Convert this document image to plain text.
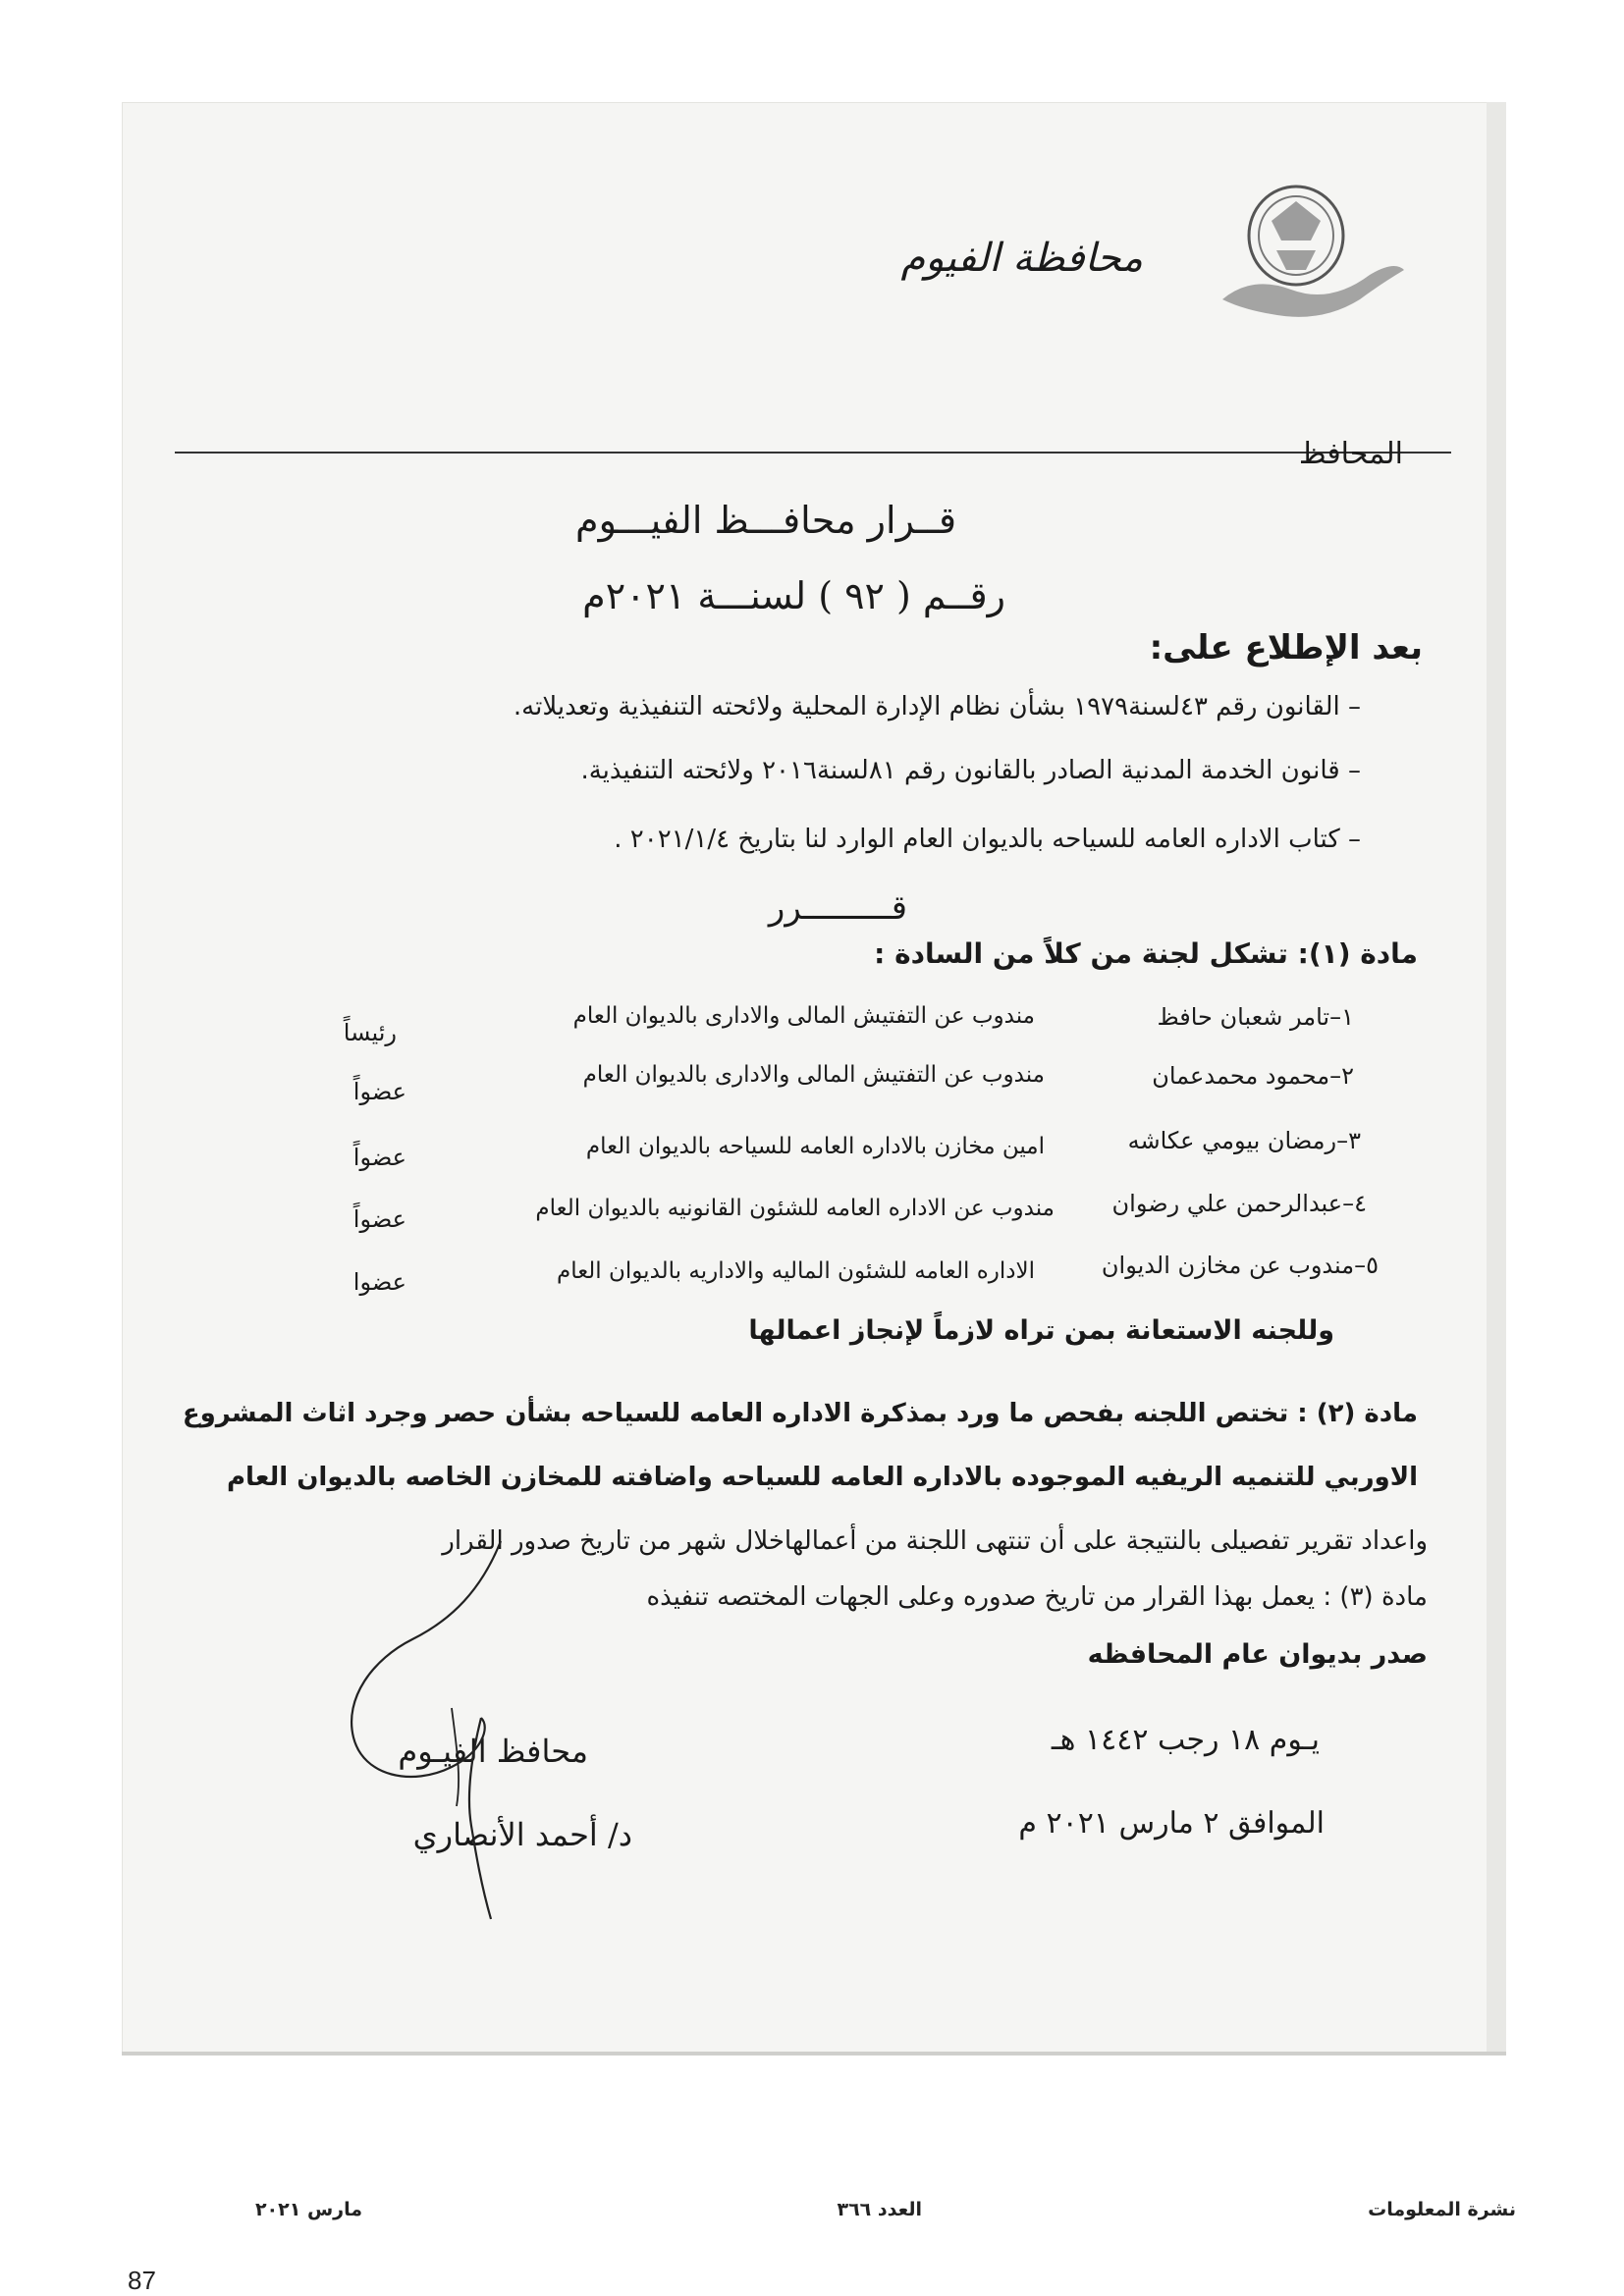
محافظة الفيوم
المحافظ
قــرار محافـــظ الفيـــوم
رقــم ( ٩٢ ) لسنـــة ٢٠٢١م
بعد الإطلاع على:
– القانون رقم ٤٣لسنة١٩٧٩ بشأن نظام الإدارة المحلية ولائحته التنفيذية وتعديلاته.
– قانون الخدمة المدنية الصادر بالقانون رقم ٨١لسنة٢٠١٦ ولائحته التنفيذية.
– كتاب الاداره العامه للسياحه بالديوان العام الوارد لنا بتاريخ ٢٠٢١/١/٤ .
قـــــــــرر
مادة (١): تشكل لجنة من كلاً من السادة :
١–تامر شعبان حافظ
مندوب عن التفتيش المالى والادارى بالديوان العام
رئيساً
٢–محمود محمدعمان
مندوب عن التفتيش المالى والادارى بالديوان العام
عضواً
٣–رمضان بيومي عكاشه
امين مخازن بالاداره العامه للسياحه بالديوان العام
عضواً
٤–عبدالرحمن علي رضوان
مندوب عن الاداره العامه للشئون القانونيه بالديوان العام
عضواً
٥–مندوب عن مخازن الديوان
الاداره العامه للشئون الماليه والاداريه بالديوان العام
عضوا
وللجنه الاستعانة بمن تراه لازماً لإنجاز اعمالها
مادة (٢) : تختص اللجنه بفحص ما ورد بمذكرة الاداره العامه للسياحه بشأن حصر وجرد اثاث المشروع
الاوربي للتنميه الريفيه الموجوده بالاداره العامه للسياحه واضافته للمخازن الخاصه بالديوان العام
واعداد تقرير تفصيلى بالنتيجة على أن تنتهى اللجنة من أعمالهاخلال شهر من تاريخ صدور القرار
مادة (٣) : يعمل بهذا القرار من تاريخ صدوره وعلى الجهات المختصه تنفيذه
صدر بديوان عام المحافظه
يـوم ١٨ رجب ١٤٤٢ هـ
الموافق ٢ مارس ٢٠٢١ م
محافظ الفيـوم
د/ أحمد الأنصاري
نشرة المعلومات
العدد ٣٦٦
مارس ٢٠٢١
87
